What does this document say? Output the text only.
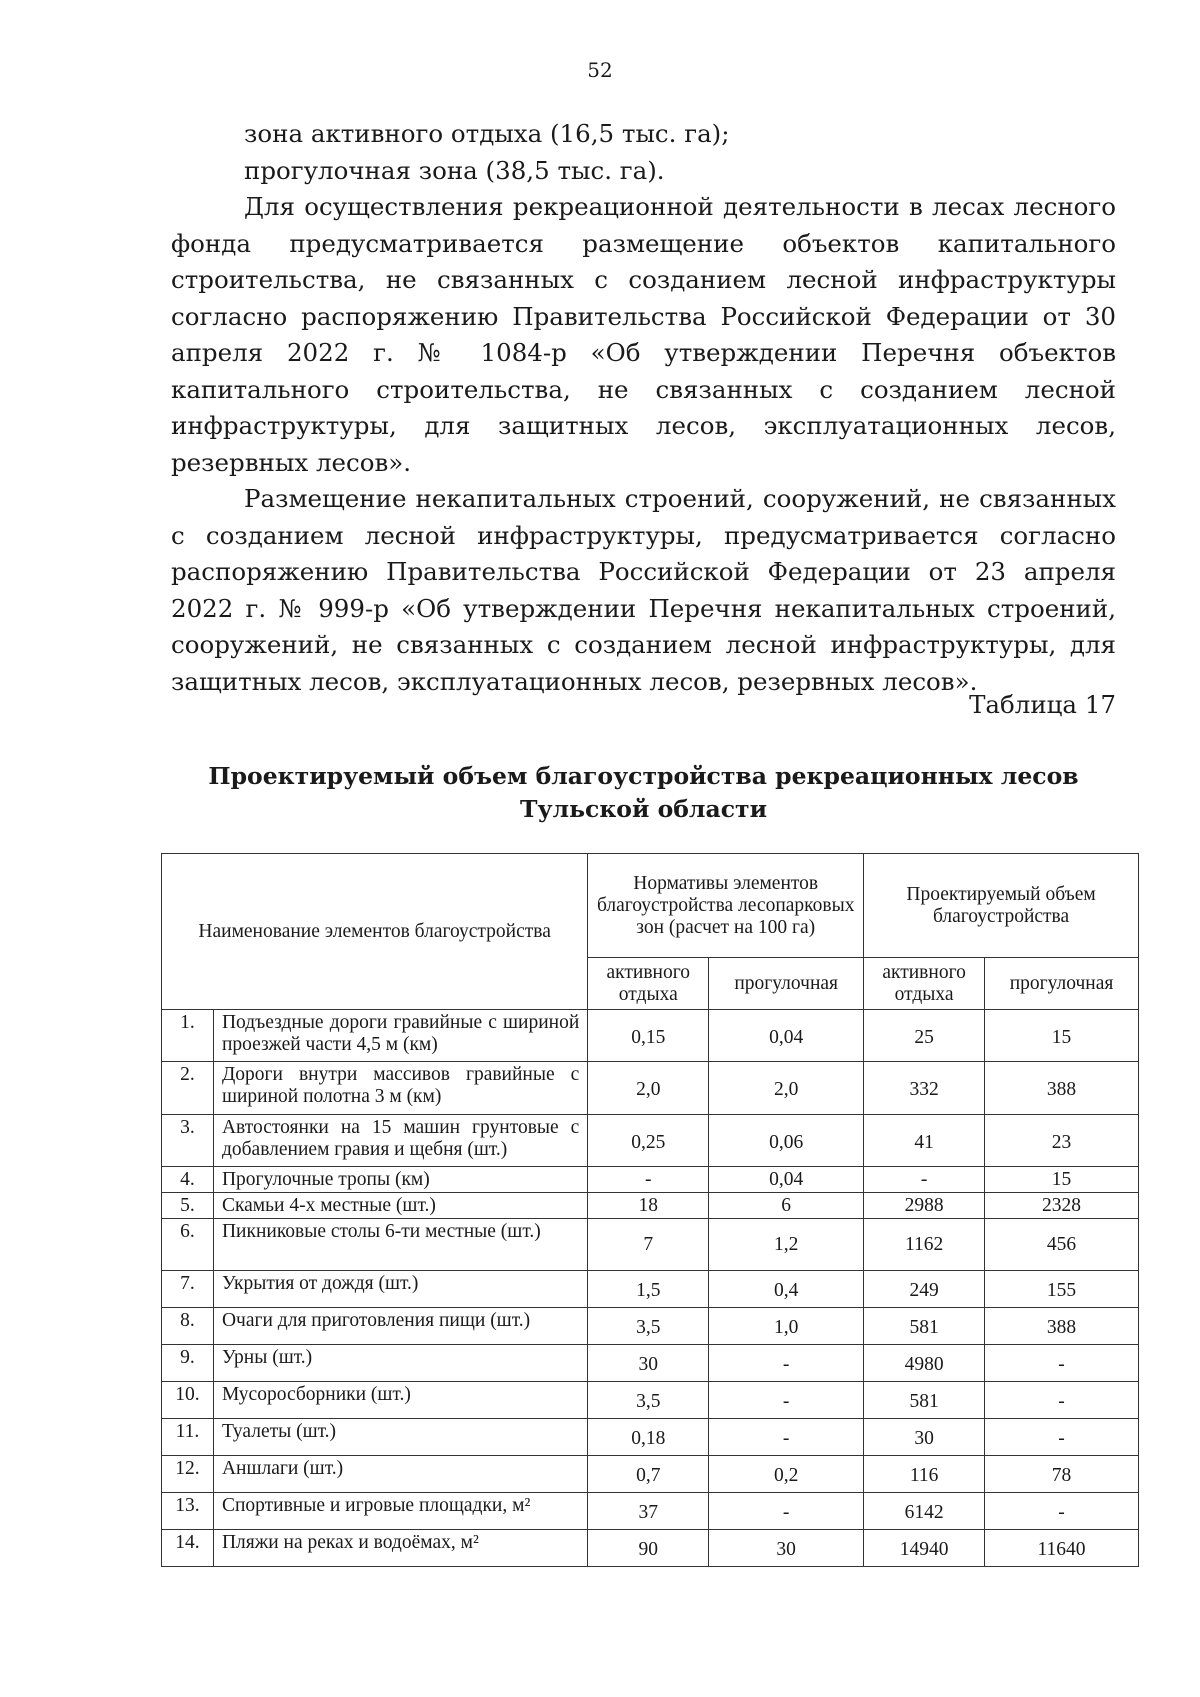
52

зона активного отдыха (16,5 тыс. га);

прогулочная зона (38,5 тыс. га).

Для осуществления рекреационной деятельности в лесах лесного фонда предусматривается размещение объектов капитального строительства, не связанных с созданием лесной инфраструктуры согласно распоряжению Правительства Российской Федерации от 30 апреля 2022 г. № 1084-р «Об утверждении Перечня объектов капитального строительства, не связанных с созданием лесной инфраструктуры, для защитных лесов, эксплуатационных лесов, резервных лесов».

Размещение некапитальных строений, сооружений, не связанных с созданием лесной инфраструктуры, предусматривается согласно распоряжению Правительства Российской Федерации от 23 апреля 2022 г. № 999-р «Об утверждении Перечня некапитальных строений, сооружений, не связанных с созданием лесной инфраструктуры, для защитных лесов, эксплуатационных лесов, резервных лесов».

Таблица 17
Проектируемый объем благоустройства рекреационных лесов
Тульской области
Наименование элементов благоустройства		Нормативы элементов благоустройства лесопарковых зон (расчет на 100 га)		Проектируемый объем благоустройства	
		активного отдыха	прогулочная	активного отдыха	прогулочная
1.	Подъездные дороги гравийные с шириной проезжей части 4,5 м (км)	0,15	0,04	25	15
2.	Дороги внутри массивов гравийные с шириной полотна 3 м (км)	2,0	2,0	332	388
3.	Автостоянки на 15 машин грунтовые с добавлением гравия и щебня (шт.)	0,25	0,06	41	23
4.	Прогулочные тропы (км)	-	0,04	-	15
5.	Скамьи 4-х местные (шт.)	18	6	2988	2328
6.	Пикниковые столы 6-ти местные (шт.)	7	1,2	1162	456
7.	Укрытия от дождя (шт.)	1,5	0,4	249	155
8.	Очаги для приготовления пищи (шт.)	3,5	1,0	581	388
9.	Урны (шт.)	30	-	4980	-
10.	Мусоросборники (шт.)	3,5	-	581	-
11.	Туалеты (шт.)	0,18	-	30	-
12.	Аншлаги (шт.)	0,7	0,2	116	78
13.	Спортивные и игровые площадки, м²	37	-	6142	-
14.	Пляжи на реках и водоёмах, м²	90	30	14940	11640
